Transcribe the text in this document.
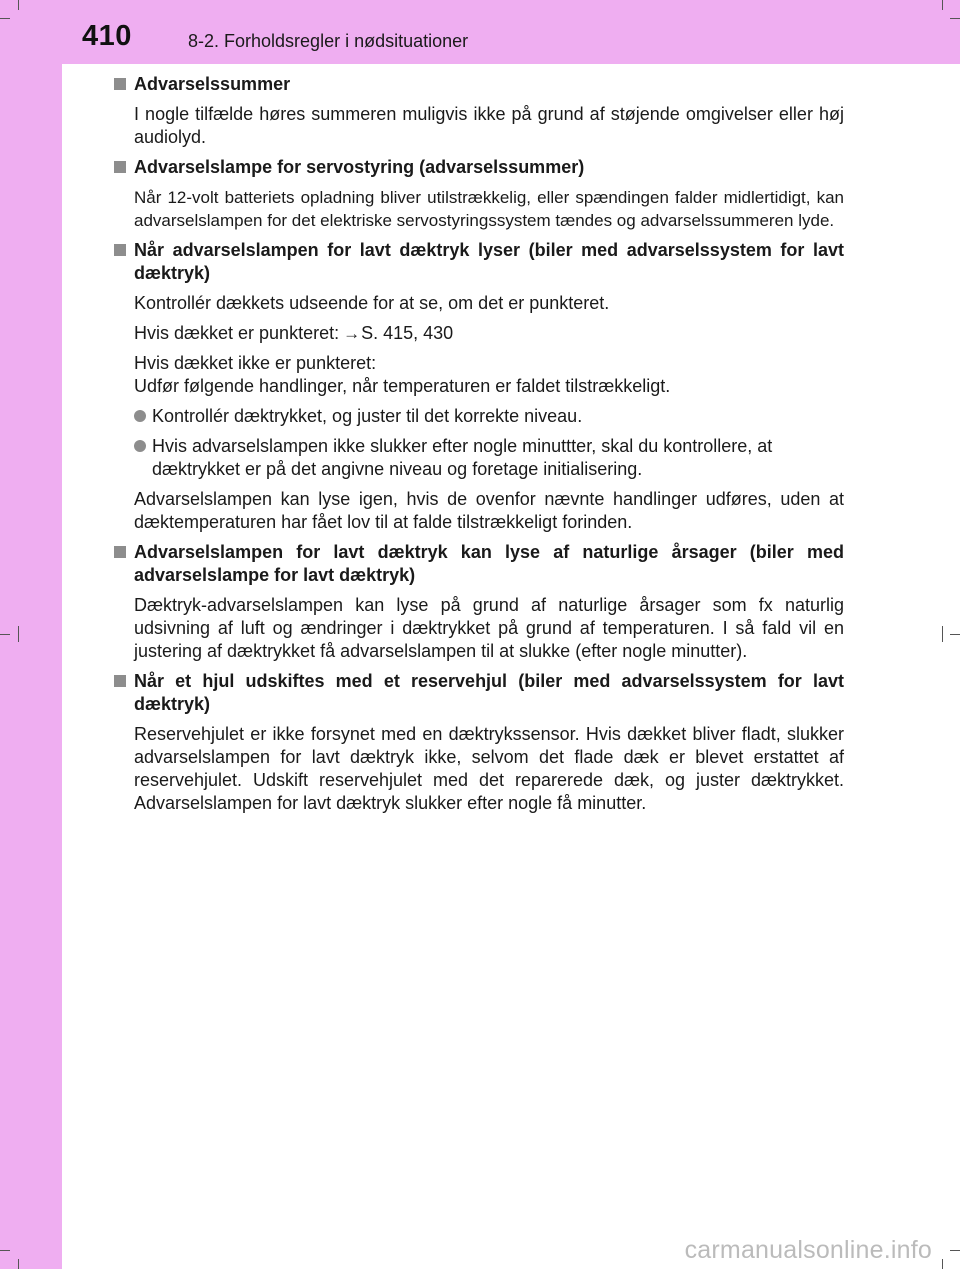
410	8-2. Forholdsregler i nødsituationer
Advarselssummer
I nogle tilfælde høres summeren muligvis ikke på grund af støjende omgivelser eller høj audiolyd.
Advarselslampe for servostyring (advarselssummer)
Når 12-volt batteriets opladning bliver utilstrækkelig, eller spændingen falder midlertidigt, kan advarselslampen for det elektriske servostyringssystem tændes og advarselssummeren lyde.
Når advarselslampen for lavt dæktryk lyser (biler med advarselssystem for lavt dæktryk)
Kontrollér dækkets udseende for at se, om det er punkteret.
Hvis dækket er punkteret: →S. 415, 430
Hvis dækket ikke er punkteret:
Udfør følgende handlinger, når temperaturen er faldet tilstrækkeligt.
Kontrollér dæktrykket, og juster til det korrekte niveau.
Hvis advarselslampen ikke slukker efter nogle minuttter, skal du kontrollere, at dæktrykket er på det angivne niveau og foretage initialisering.
Advarselslampen kan lyse igen, hvis de ovenfor nævnte handlinger udføres, uden at dæktemperaturen har fået lov til at falde tilstrækkeligt forinden.
Advarselslampen for lavt dæktryk kan lyse af naturlige årsager (biler med advarselslampe for lavt dæktryk)
Dæktryk-advarselslampen kan lyse på grund af naturlige årsager som fx naturlig udsivning af luft og ændringer i dæktrykket på grund af temperaturen. I så fald vil en justering af dæktrykket få advarselslampen til at slukke (efter nogle minutter).
Når et hjul udskiftes med et reservehjul (biler med advarselssystem for lavt dæktryk)
Reservehjulet er ikke forsynet med en dæktrykssensor. Hvis dækket bliver fladt, slukker advarselslampen for lavt dæktryk ikke, selvom det flade dæk er blevet erstattet af reservehjulet. Udskift reservehjulet med det reparerede dæk, og juster dæktrykket. Advarselslampen for lavt dæktryk slukker efter nogle få minutter.
carmanualsonline.info
